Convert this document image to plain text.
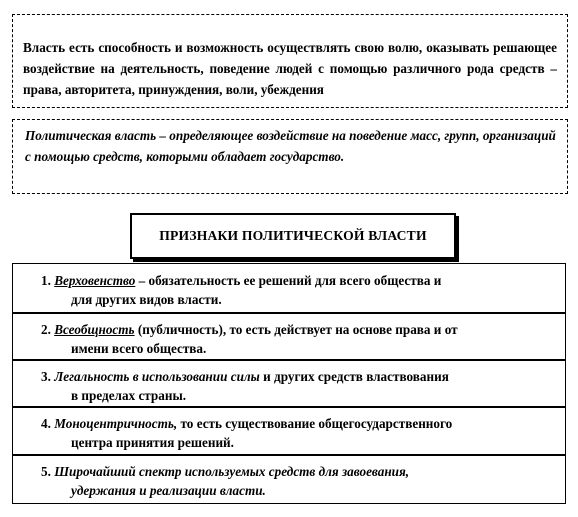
Власть есть способность и возможность осуществлять свою волю, оказывать решающее воздействие на деятельность, поведение людей с помощью различного рода средств – права, авторитета, принуждения, воли, убеждения
Политическая власть – определяющее воздействие на поведение масс, групп, организаций с помощью средств, которыми обладает государство.
ПРИЗНАКИ ПОЛИТИЧЕСКОЙ ВЛАСТИ
1. Верховенство – обязательность ее решений для всего общества и
для других видов власти.
2. Всеобщность (публичность), то есть действует на основе права и от
имени всего общества.
3. Легальность в использовании силы и других средств властвования
в пределах страны.
4. Моноцентричность, то есть существование общегосударственного
центра принятия решений.
5. Широчайший спектр используемых средств для завоевания,
удержания и реализации власти.
